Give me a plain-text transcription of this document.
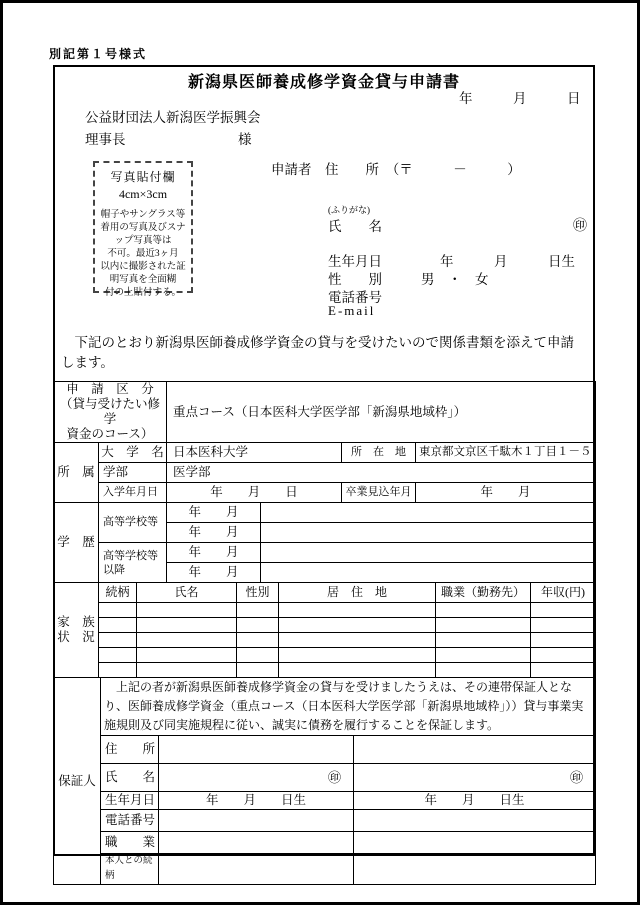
別記第１号様式
新潟県医師養成修学資金貸与申請書
年　　　月　　　日
公益財団法人新潟医学振興会
理事長	様
写真貼付欄
4cm×3cm
帽子やサングラス等
着用の写真及びスナ
ップ写真等は
不可。最近3ヶ月
以内に撮影された証
明写真を全面糊
付の上貼付する。
申請者　住　　所　（〒　　　－　　　）
(ふりがな)
氏　　名	㊞
生年月日	年　　　月　　　日生
性　　別	男　・　女
電話番号
E-mail
下記のとおり新潟県医師養成修学資金の貸与を受けたいので関係書類を添えて申請します。
申　請　区　分
（貸与受けたい修学
資金のコース）
	重点コース（日本医科大学医学部「新潟県地域枠」）
所　属	大　学　名	日本医科大学	所　在　地	東京都文京区千駄木１丁目１－５
	学部	医学部		
	入学年月日	年　　月　　日	卒業見込年月	年　　月
学　歴	高等学校等	年　　月	
		年　　月	
	高等学校等以降	年　　月	
		年　　月	
家　族
状　況	続柄	氏名	性別	居　住　地	職業（勤務先）	年収(円)

保証人	上記の者が新潟県医師養成修学資金の貸与を受けましたうえは、その連帯保証人となり、医師養成修学資金（重点コース（日本医科大学医学部「新潟県地域枠」））貸与事業実施規則及び同実施規程に従い、誠実に債務を履行することを保証します。		

	住　　所		
	氏　　名	㊞	㊞
	生年月日	年　　月　　日生	年　　月　　日生
	電話番号		
	職　　業		
	本人との続柄		
